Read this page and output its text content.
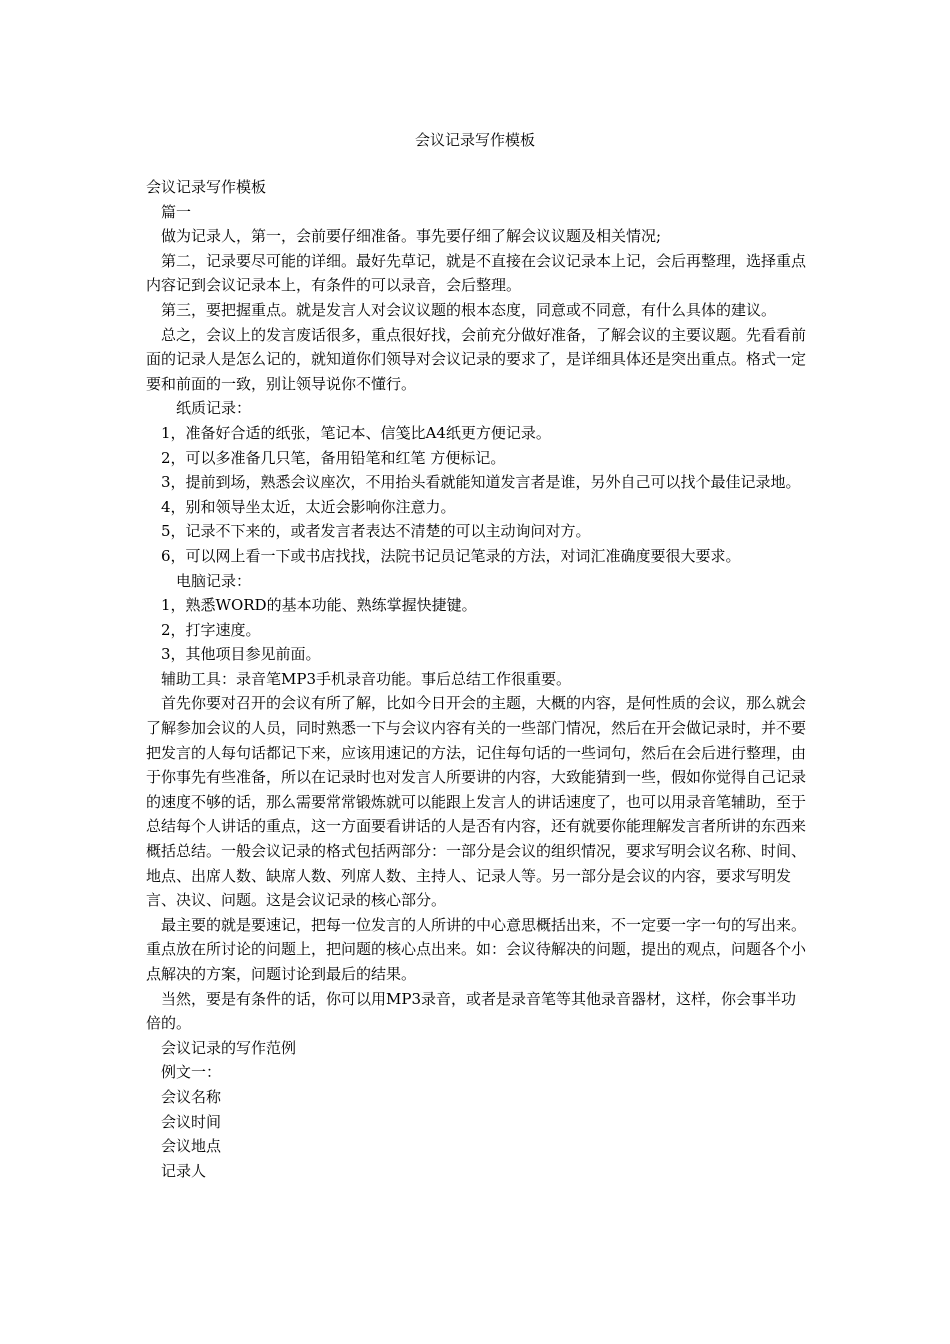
会议记录写作模板

会议记录写作模板

篇一

做为记录人，第一，会前要仔细准备。事先要仔细了解会议议题及相关情况;

第二，记录要尽可能的详细。最好先草记，就是不直接在会议记录本上记，会后再整理，选择重点内容记到会议记录本上，有条件的可以录音，会后整理。

第三，要把握重点。就是发言人对会议议题的根本态度，同意或不同意，有什么具体的建议。

总之，会议上的发言废话很多，重点很好找，会前充分做好准备，了解会议的主要议题。先看看前面的记录人是怎么记的，就知道你们领导对会议记录的要求了，是详细具体还是突出重点。格式一定要和前面的一致，别让领导说你不懂行。

纸质记录：

1，准备好合适的纸张，笔记本、信笺比A4纸更方便记录。

2，可以多准备几只笔，备用铅笔和红笔 方便标记。

3，提前到场，熟悉会议座次，不用抬头看就能知道发言者是谁，另外自己可以找个最佳记录地。

4，别和领导坐太近，太近会影响你注意力。

5，记录不下来的，或者发言者表达不清楚的可以主动询问对方。

6，可以网上看一下或书店找找，法院书记员记笔录的方法，对词汇准确度要很大要求。

电脑记录：

1，熟悉WORD的基本功能、熟练掌握快捷键。

2，打字速度。

3，其他项目参见前面。

辅助工具：录音笔MP3手机录音功能。事后总结工作很重要。

首先你要对召开的会议有所了解，比如今日开会的主题，大概的内容，是何性质的会议，那么就会了解参加会议的人员，同时熟悉一下与会议内容有关的一些部门情况，然后在开会做记录时，并不要把发言的人每句话都记下来，应该用速记的方法，记住每句话的一些词句，然后在会后进行整理，由于你事先有些准备，所以在记录时也对发言人所要讲的内容，大致能猜到一些，假如你觉得自己记录的速度不够的话，那么需要常常锻炼就可以能跟上发言人的讲话速度了，也可以用录音笔辅助，至于总结每个人讲话的重点，这一方面要看讲话的人是否有内容，还有就要你能理解发言者所讲的东西来概括总结。一般会议记录的格式包括两部分：一部分是会议的组织情况，要求写明会议名称、时间、地点、出席人数、缺席人数、列席人数、主持人、记录人等。另一部分是会议的内容，要求写明发言、决议、问题。这是会议记录的核心部分。

最主要的就是要速记，把每一位发言的人所讲的中心意思概括出来，不一定要一字一句的写出来。重点放在所讨论的问题上，把问题的核心点出来。如：会议待解决的问题，提出的观点，问题各个小点解决的方案，问题讨论到最后的结果。

当然，要是有条件的话，你可以用MP3录音，或者是录音笔等其他录音器材，这样，你会事半功倍的。

会议记录的写作范例

例文一：

会议名称

会议时间

会议地点

记录人
